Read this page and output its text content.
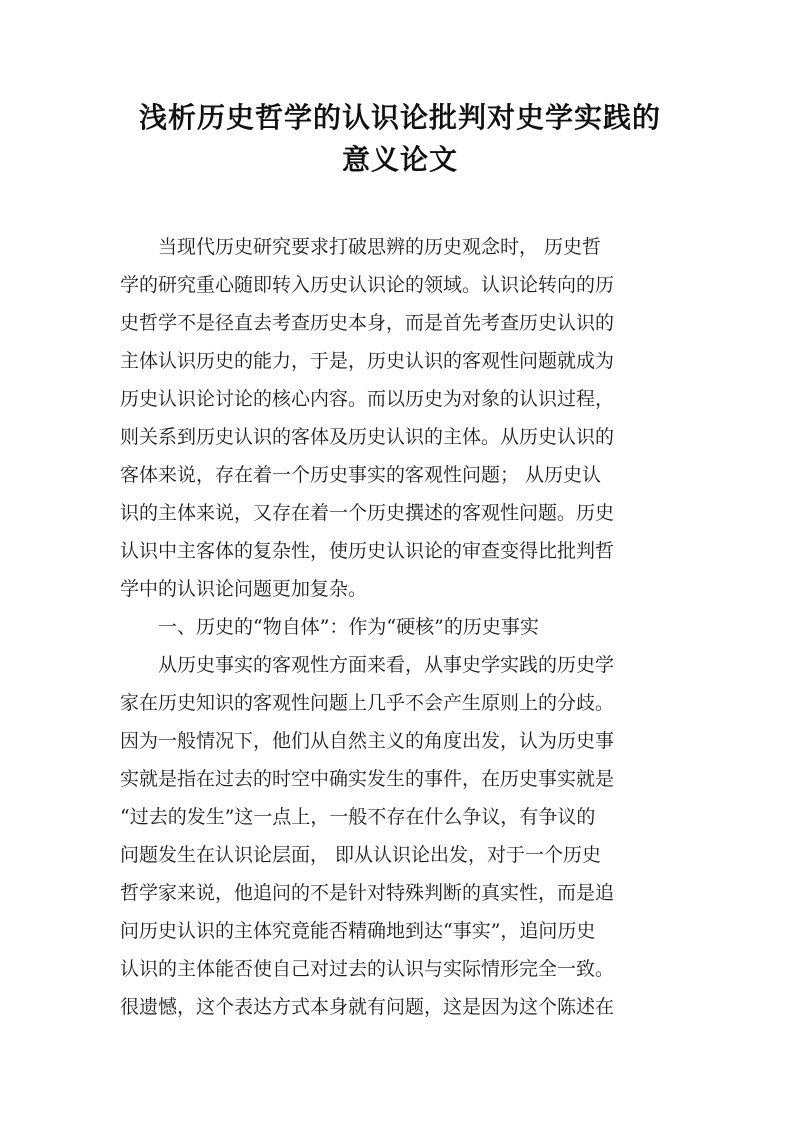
浅析历史哲学的认识论批判对史学实践的
意义论文
当现代历史研究要求打破思辨的历史观念时， 历史哲
学的研究重心随即转入历史认识论的领域。认识论转向的历
史哲学不是径直去考查历史本身，而是首先考查历史认识的
主体认识历史的能力，于是，历史认识的客观性问题就成为
历史认识论讨论的核心内容。而以历史为对象的认识过程，
则关系到历史认识的客体及历史认识的主体。从历史认识的
客体来说，存在着一个历史事实的客观性问题； 从历史认
识的主体来说，又存在着一个历史撰述的客观性问题。历史
认识中主客体的复杂性，使历史认识论的审查变得比批判哲
学中的认识论问题更加复杂。
一、历史的“物自体”：作为“硬核”的历史事实
从历史事实的客观性方面来看，从事史学实践的历史学
家在历史知识的客观性问题上几乎不会产生原则上的分歧。
因为一般情况下，他们从自然主义的角度出发，认为历史事
实就是指在过去的时空中确实发生的事件，在历史事实就是
“过去的发生”这一点上，一般不存在什么争议，有争议的
问题发生在认识论层面， 即从认识论出发，对于一个历史
哲学家来说，他追问的不是针对特殊判断的真实性，而是追
问历史认识的主体究竟能否精确地到达“事实”，追问历史
认识的主体能否使自己对过去的认识与实际情形完全一致。
很遗憾，这个表达方式本身就有问题，这是因为这个陈述在
